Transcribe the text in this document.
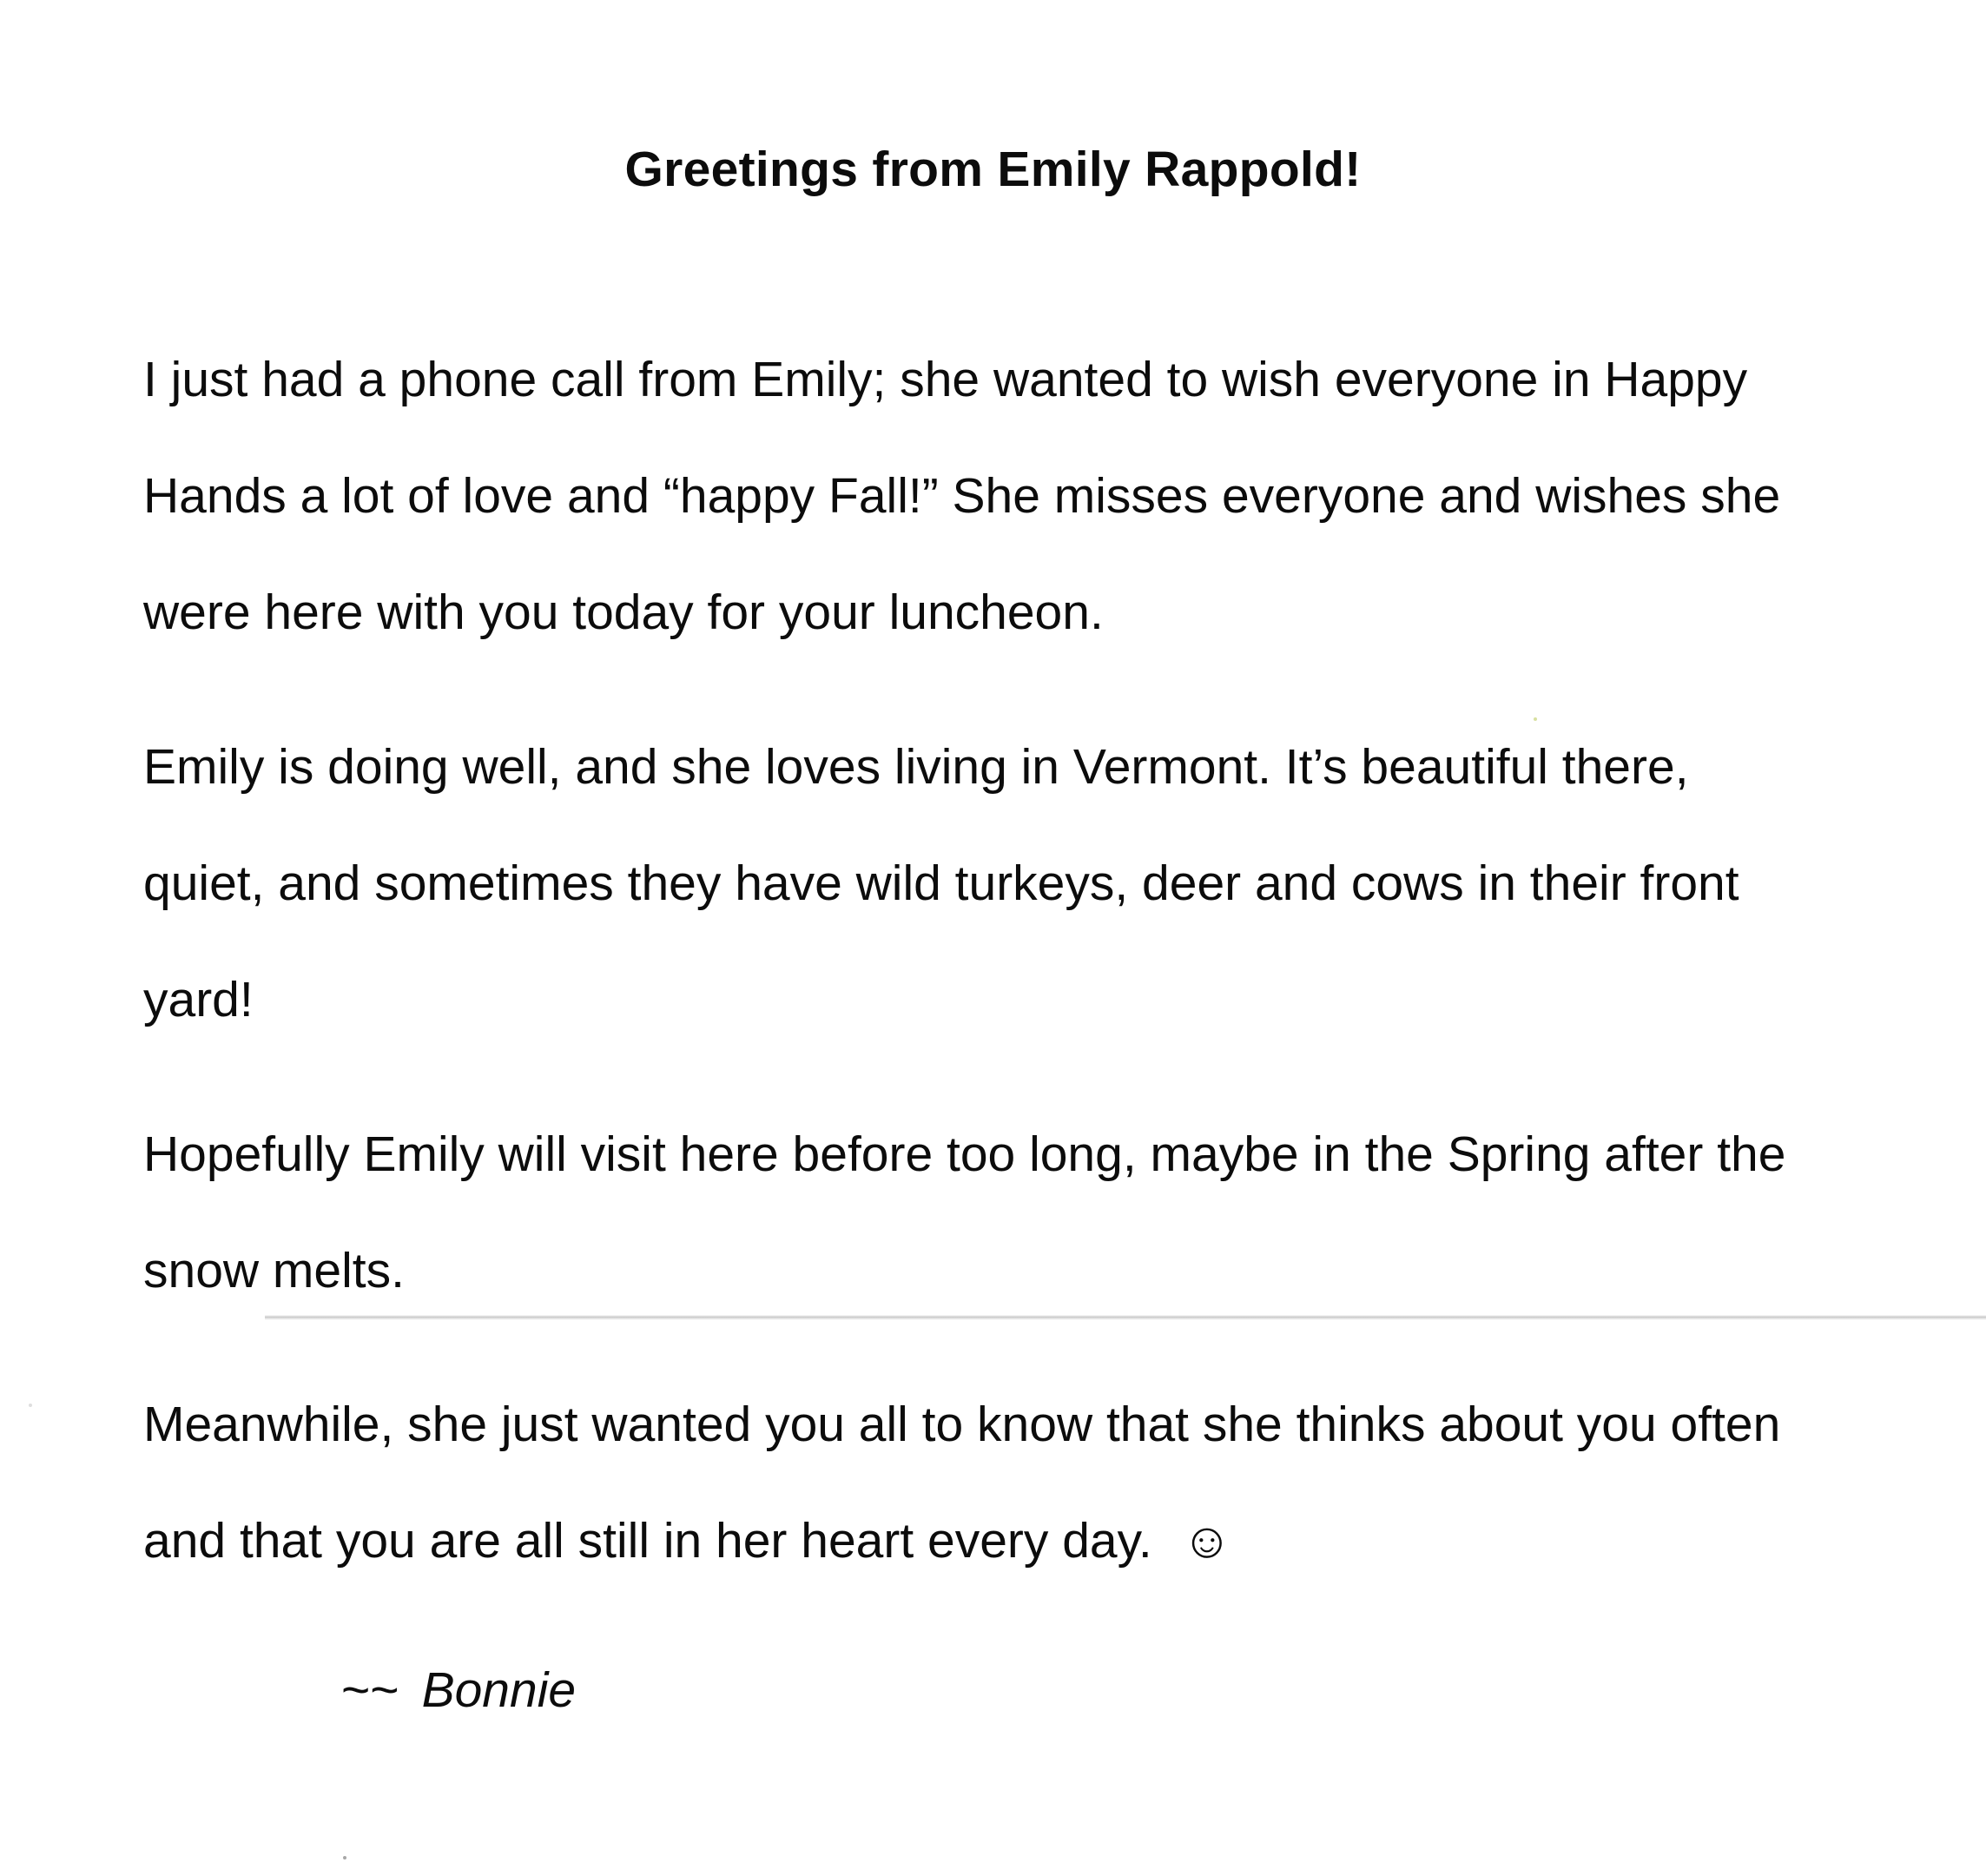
Greetings from Emily Rappold!

I just had a phone call from Emily; she wanted to wish everyone in Happy
Hands a lot of love and “happy Fall!” She misses everyone and wishes she
were here with you today for your luncheon.

Emily is doing well, and she loves living in Vermont. It’s beautiful there,
quiet, and sometimes they have wild turkeys, deer and cows in their front
yard!

Hopefully Emily will visit here before too long, maybe in the Spring after the
snow melts.

Meanwhile, she just wanted you all to know that she thinks about you often
and that you are all still in her heart every day. ☺

~~ Bonnie
